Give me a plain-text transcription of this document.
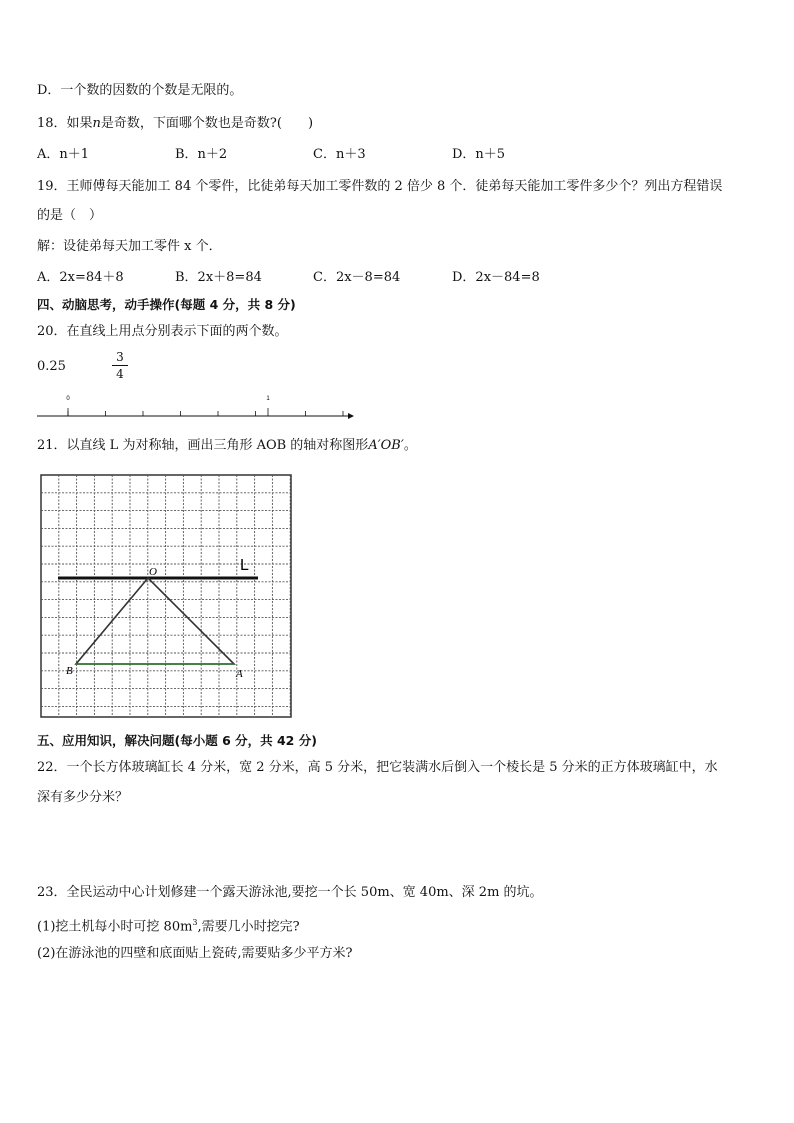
D．一个数的因数的个数是无限的。
18．如果n是奇数，下面哪个数也是奇数?(　　)
A．n＋1	B．n＋2	C．n＋3	D．n＋5
19．王师傅每天能加工 84 个零件，比徒弟每天加工零件数的 2 倍少 8 个．徒弟每天能加工零件多少个？列出方程错误
的是（　）
解：设徒弟每天加工零件 x 个．
A．2x=84＋8	B．2x＋8=84	C．2x－8=84	D．2x－84=8
四、动脑思考，动手操作(每题 4 分，共 8 分)
20．在直线上用点分别表示下面的两个数。
0.25
3
4
0	1
21．以直线 L 为对称轴，画出三角形 AOB 的轴对称图形A′OB′。
L
O
A
B
五、应用知识，解决问题(每小题 6 分，共 42 分)
22．一个长方体玻璃缸长 4 分米，宽 2 分米，高 5 分米，把它装满水后倒入一个棱长是 5 分米的正方体玻璃缸中，水
深有多少分米？
23．全民运动中心计划修建一个露天游泳池,要挖一个长 50m、宽 40m、深 2m 的坑。
(1)挖土机每小时可挖 $80m^3$,需要几小时挖完?
(2)在游泳池的四壁和底面贴上瓷砖,需要贴多少平方米?
